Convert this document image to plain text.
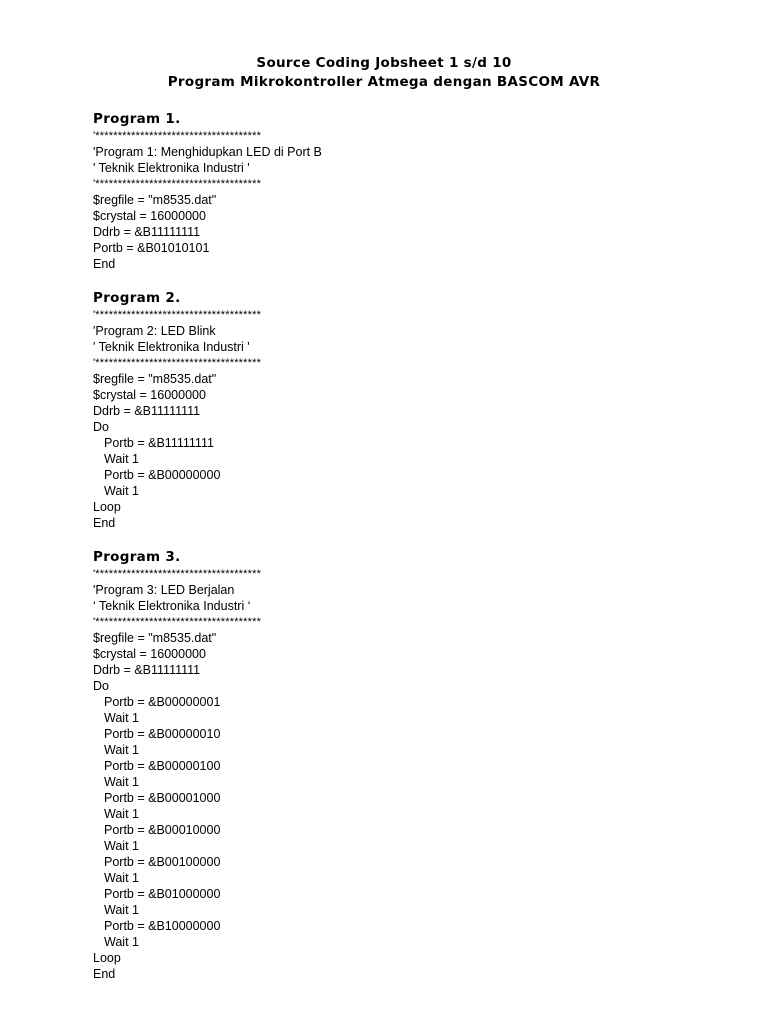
Source Coding Jobsheet 1 s/d 10
Program Mikrokontroller Atmega dengan BASCOM AVR
Program 1.
'*************************************
'Program 1: Menghidupkan LED di Port B
' Teknik Elektronika Industri '
'*************************************
$regfile = "m8535.dat"
$crystal = 16000000
Ddrb = &B11111111
Portb = &B01010101
End
Program 2.
'*************************************
'Program 2: LED Blink
' Teknik Elektronika Industri '
'*************************************
$regfile = "m8535.dat"
$crystal = 16000000
Ddrb = &B11111111
Do
Portb = &B11111111
Wait 1
Portb = &B00000000
Wait 1
Loop
End
Program 3.
'*************************************
'Program 3: LED Berjalan
‘ Teknik Elektronika Industri ‘
'*************************************
$regfile = "m8535.dat"
$crystal = 16000000
Ddrb = &B11111111
Do
Portb = &B00000001
Wait 1
Portb = &B00000010
Wait 1
Portb = &B00000100
Wait 1
Portb = &B00001000
Wait 1
Portb = &B00010000
Wait 1
Portb = &B00100000
Wait 1
Portb = &B01000000
Wait 1
Portb = &B10000000
Wait 1
Loop
End
